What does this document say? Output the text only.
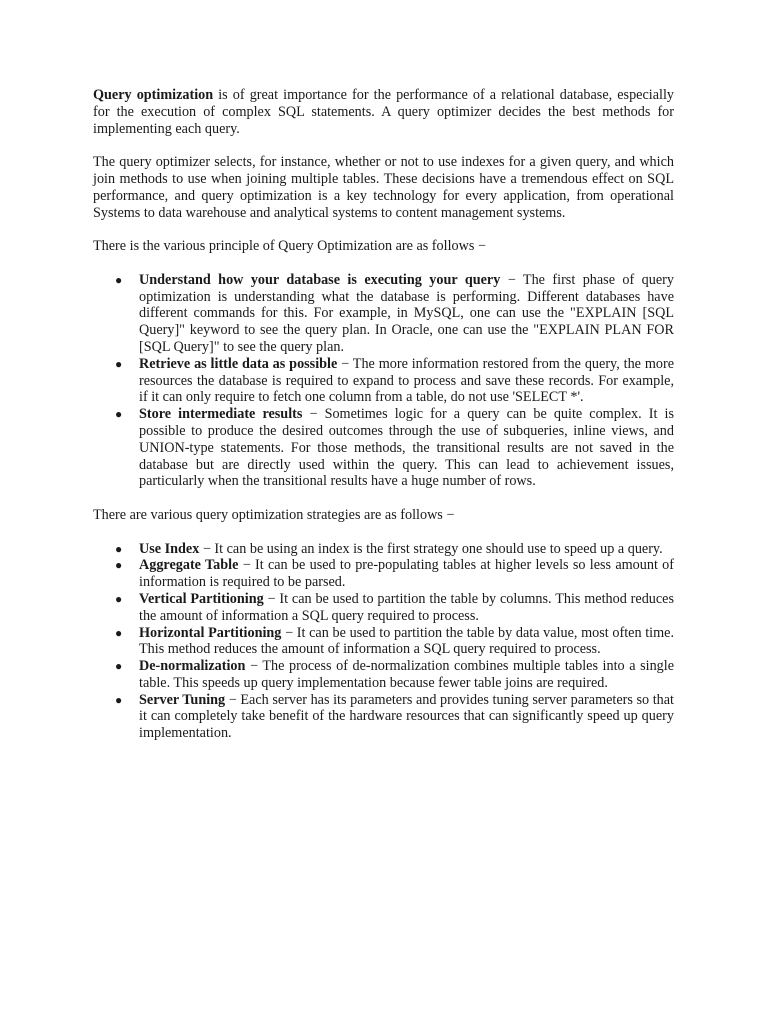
Query optimization is of great importance for the performance of a relational database, especially for the execution of complex SQL statements. A query optimizer decides the best methods for implementing each query.

The query optimizer selects, for instance, whether or not to use indexes for a given query, and which join methods to use when joining multiple tables. These decisions have a tremendous effect on SQL performance, and query optimization is a key technology for every application, from operational Systems to data warehouse and analytical systems to content management systems.

There is the various principle of Query Optimization are as follows −

● Understand how your database is executing your query − The first phase of query optimization is understanding what the database is performing. Different databases have different commands for this. For example, in MySQL, one can use the "EXPLAIN [SQL Query]" keyword to see the query plan. In Oracle, one can use the "EXPLAIN PLAN FOR [SQL Query]" to see the query plan.
● Retrieve as little data as possible − The more information restored from the query, the more resources the database is required to expand to process and save these records. For example, if it can only require to fetch one column from a table, do not use 'SELECT *'.
● Store intermediate results − Sometimes logic for a query can be quite complex. It is possible to produce the desired outcomes through the use of subqueries, inline views, and UNION-type statements. For those methods, the transitional results are not saved in the database but are directly used within the query. This can lead to achievement issues, particularly when the transitional results have a huge number of rows.

There are various query optimization strategies are as follows −

● Use Index − It can be using an index is the first strategy one should use to speed up a query.
● Aggregate Table − It can be used to pre-populating tables at higher levels so less amount of information is required to be parsed.
● Vertical Partitioning − It can be used to partition the table by columns. This method reduces the amount of information a SQL query required to process.
● Horizontal Partitioning − It can be used to partition the table by data value, most often time. This method reduces the amount of information a SQL query required to process.
● De-normalization − The process of de-normalization combines multiple tables into a single table. This speeds up query implementation because fewer table joins are required.
● Server Tuning − Each server has its parameters and provides tuning server parameters so that it can completely take benefit of the hardware resources that can significantly speed up query implementation.
